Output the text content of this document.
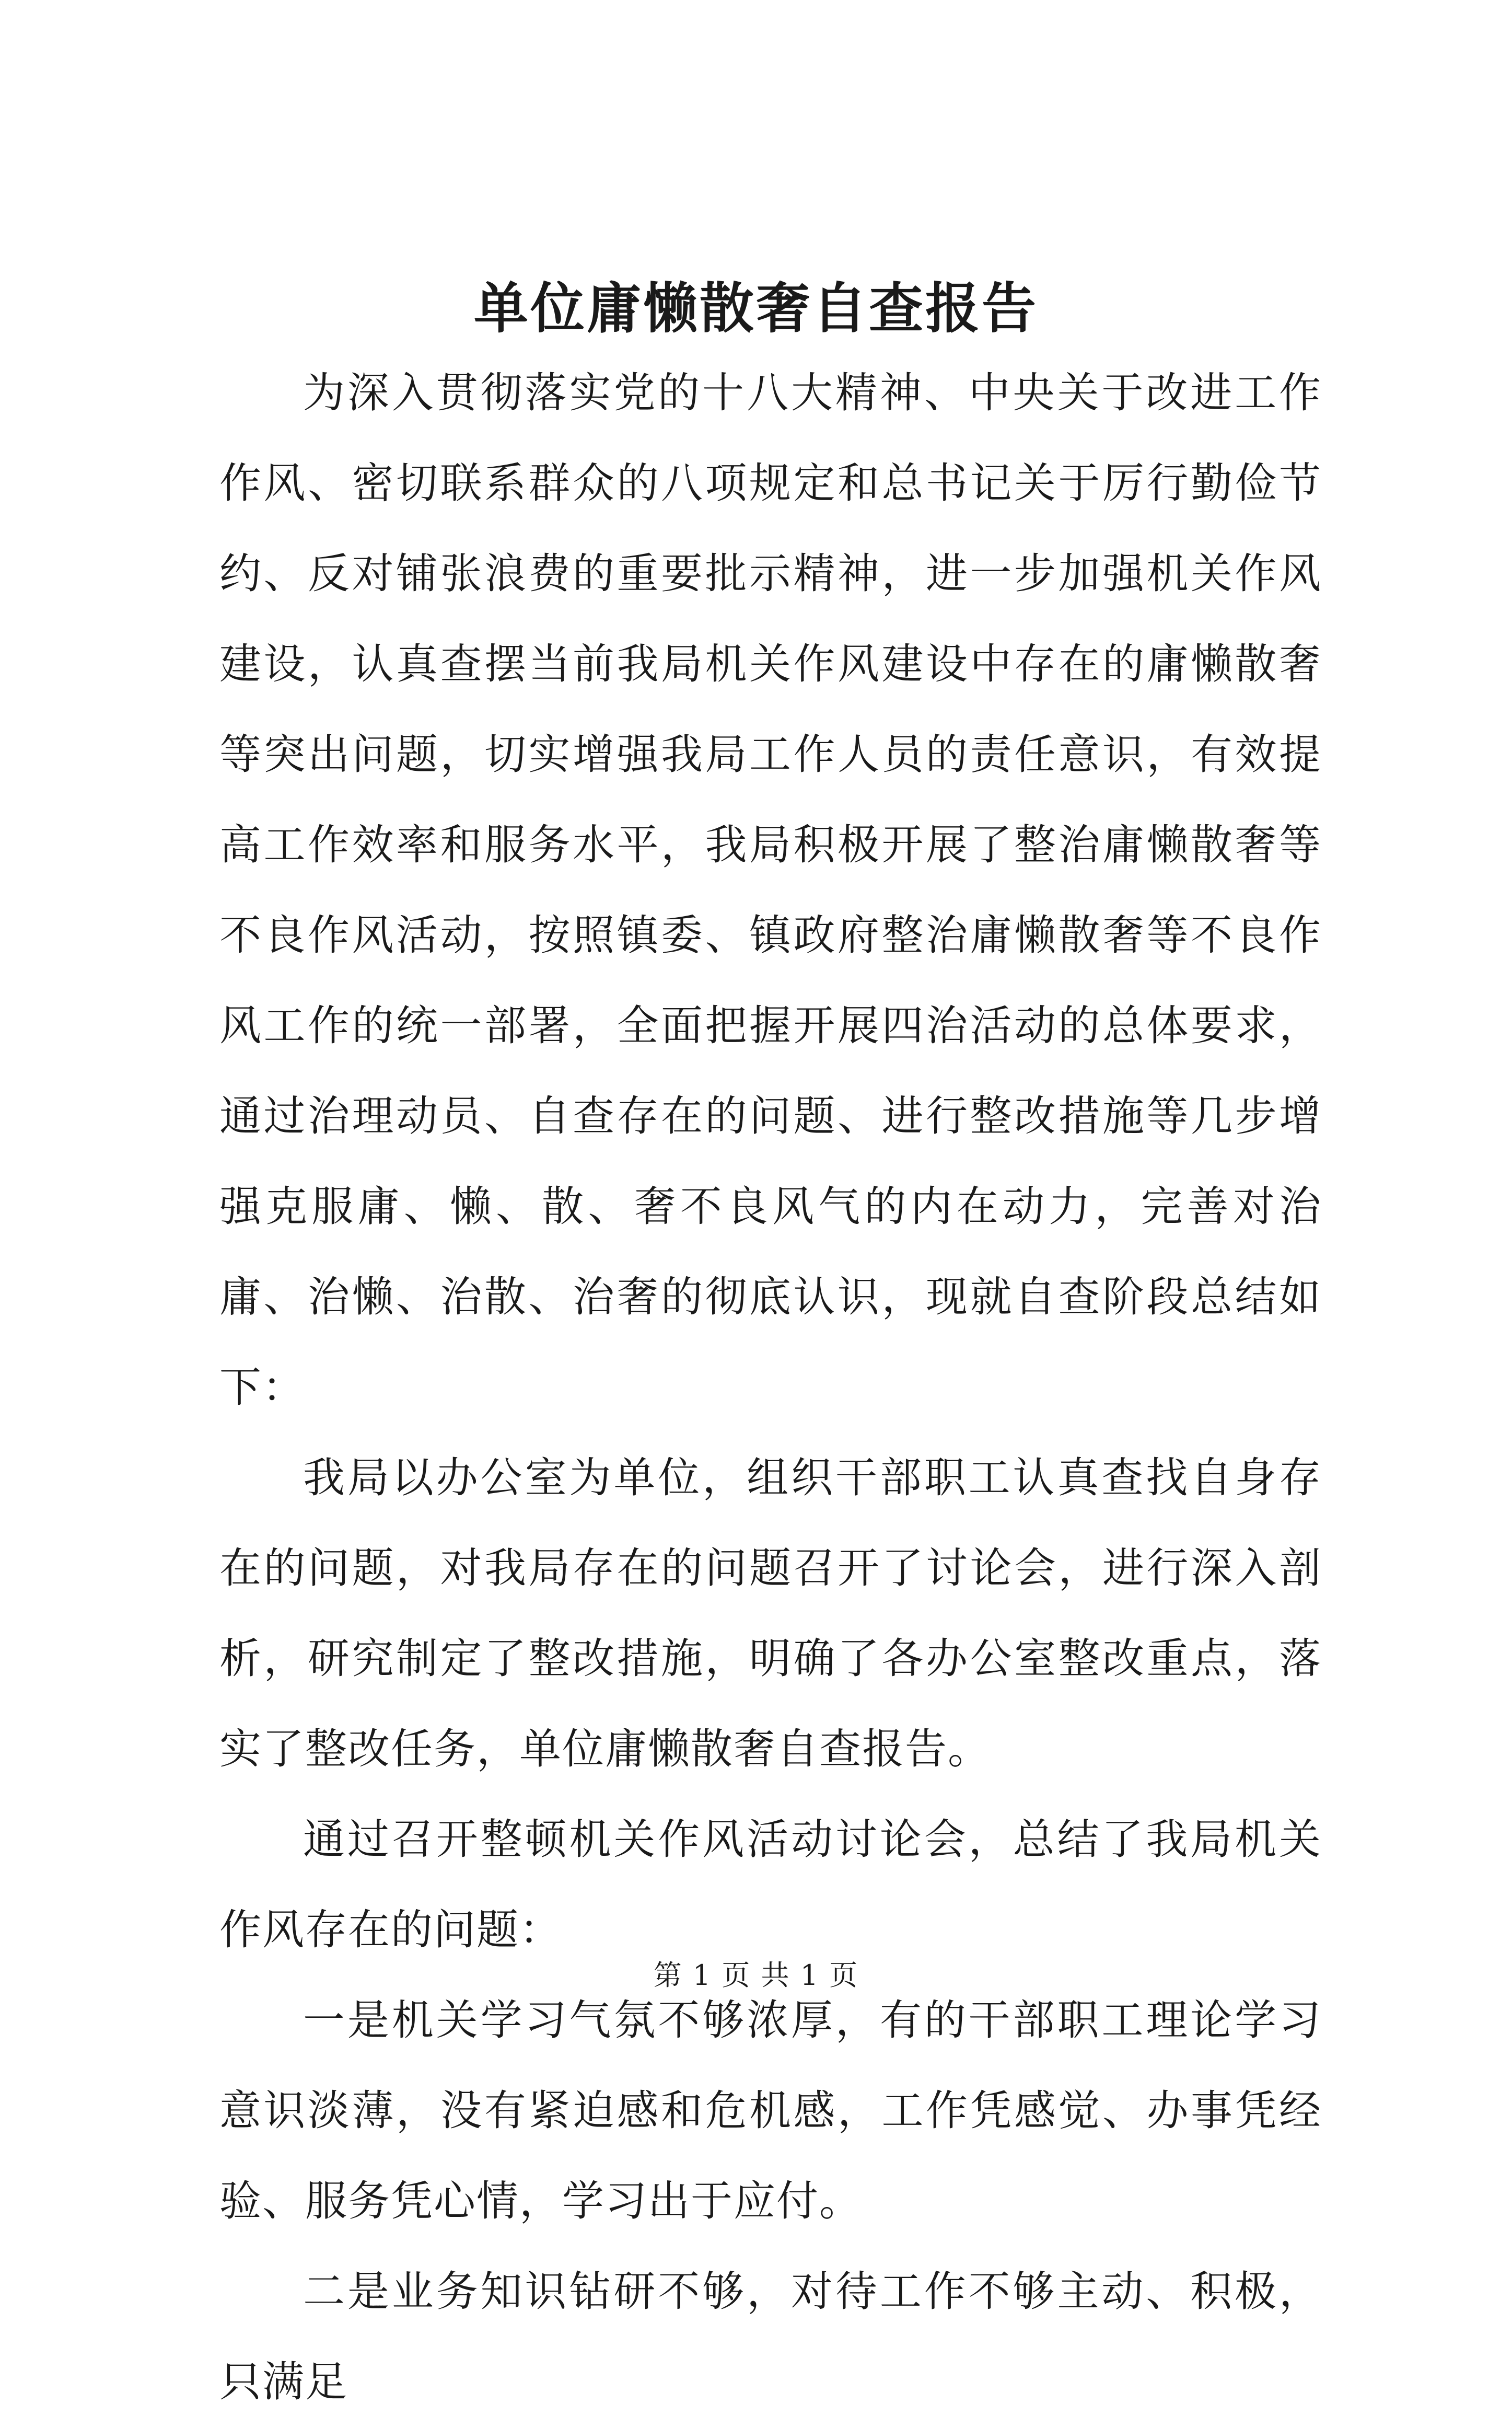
单位庸懒散奢自查报告

为深入贯彻落实党的十八大精神、中央关于改进工作作风、密切联系群众的八项规定和总书记关于厉行勤俭节约、反对铺张浪费的重要批示精神，进一步加强机关作风建设，认真查摆当前我局机关作风建设中存在的庸懒散奢等突出问题，切实增强我局工作人员的责任意识，有效提高工作效率和服务水平，我局积极开展了整治庸懒散奢等不良作风活动，按照镇委、镇政府整治庸懒散奢等不良作风工作的统一部署，全面把握开展四治活动的总体要求，通过治理动员、自查存在的问题、进行整改措施等几步增强克服庸、懒、散、奢不良风气的内在动力，完善对治庸、治懒、治散、治奢的彻底认识，现就自查阶段总结如下：

我局以办公室为单位，组织干部职工认真查找自身存在的问题，对我局存在的问题召开了讨论会，进行深入剖析，研究制定了整改措施，明确了各办公室整改重点，落实了整改任务，单位庸懒散奢自查报告。

通过召开整顿机关作风活动讨论会，总结了我局机关作风存在的问题：

一是机关学习气氛不够浓厚，有的干部职工理论学习意识淡薄，没有紧迫感和危机感，工作凭感觉、办事凭经验、服务凭心情，学习出于应付。

二是业务知识钻研不够，对待工作不够主动、积极，只满足

第 1 页 共 1 页
